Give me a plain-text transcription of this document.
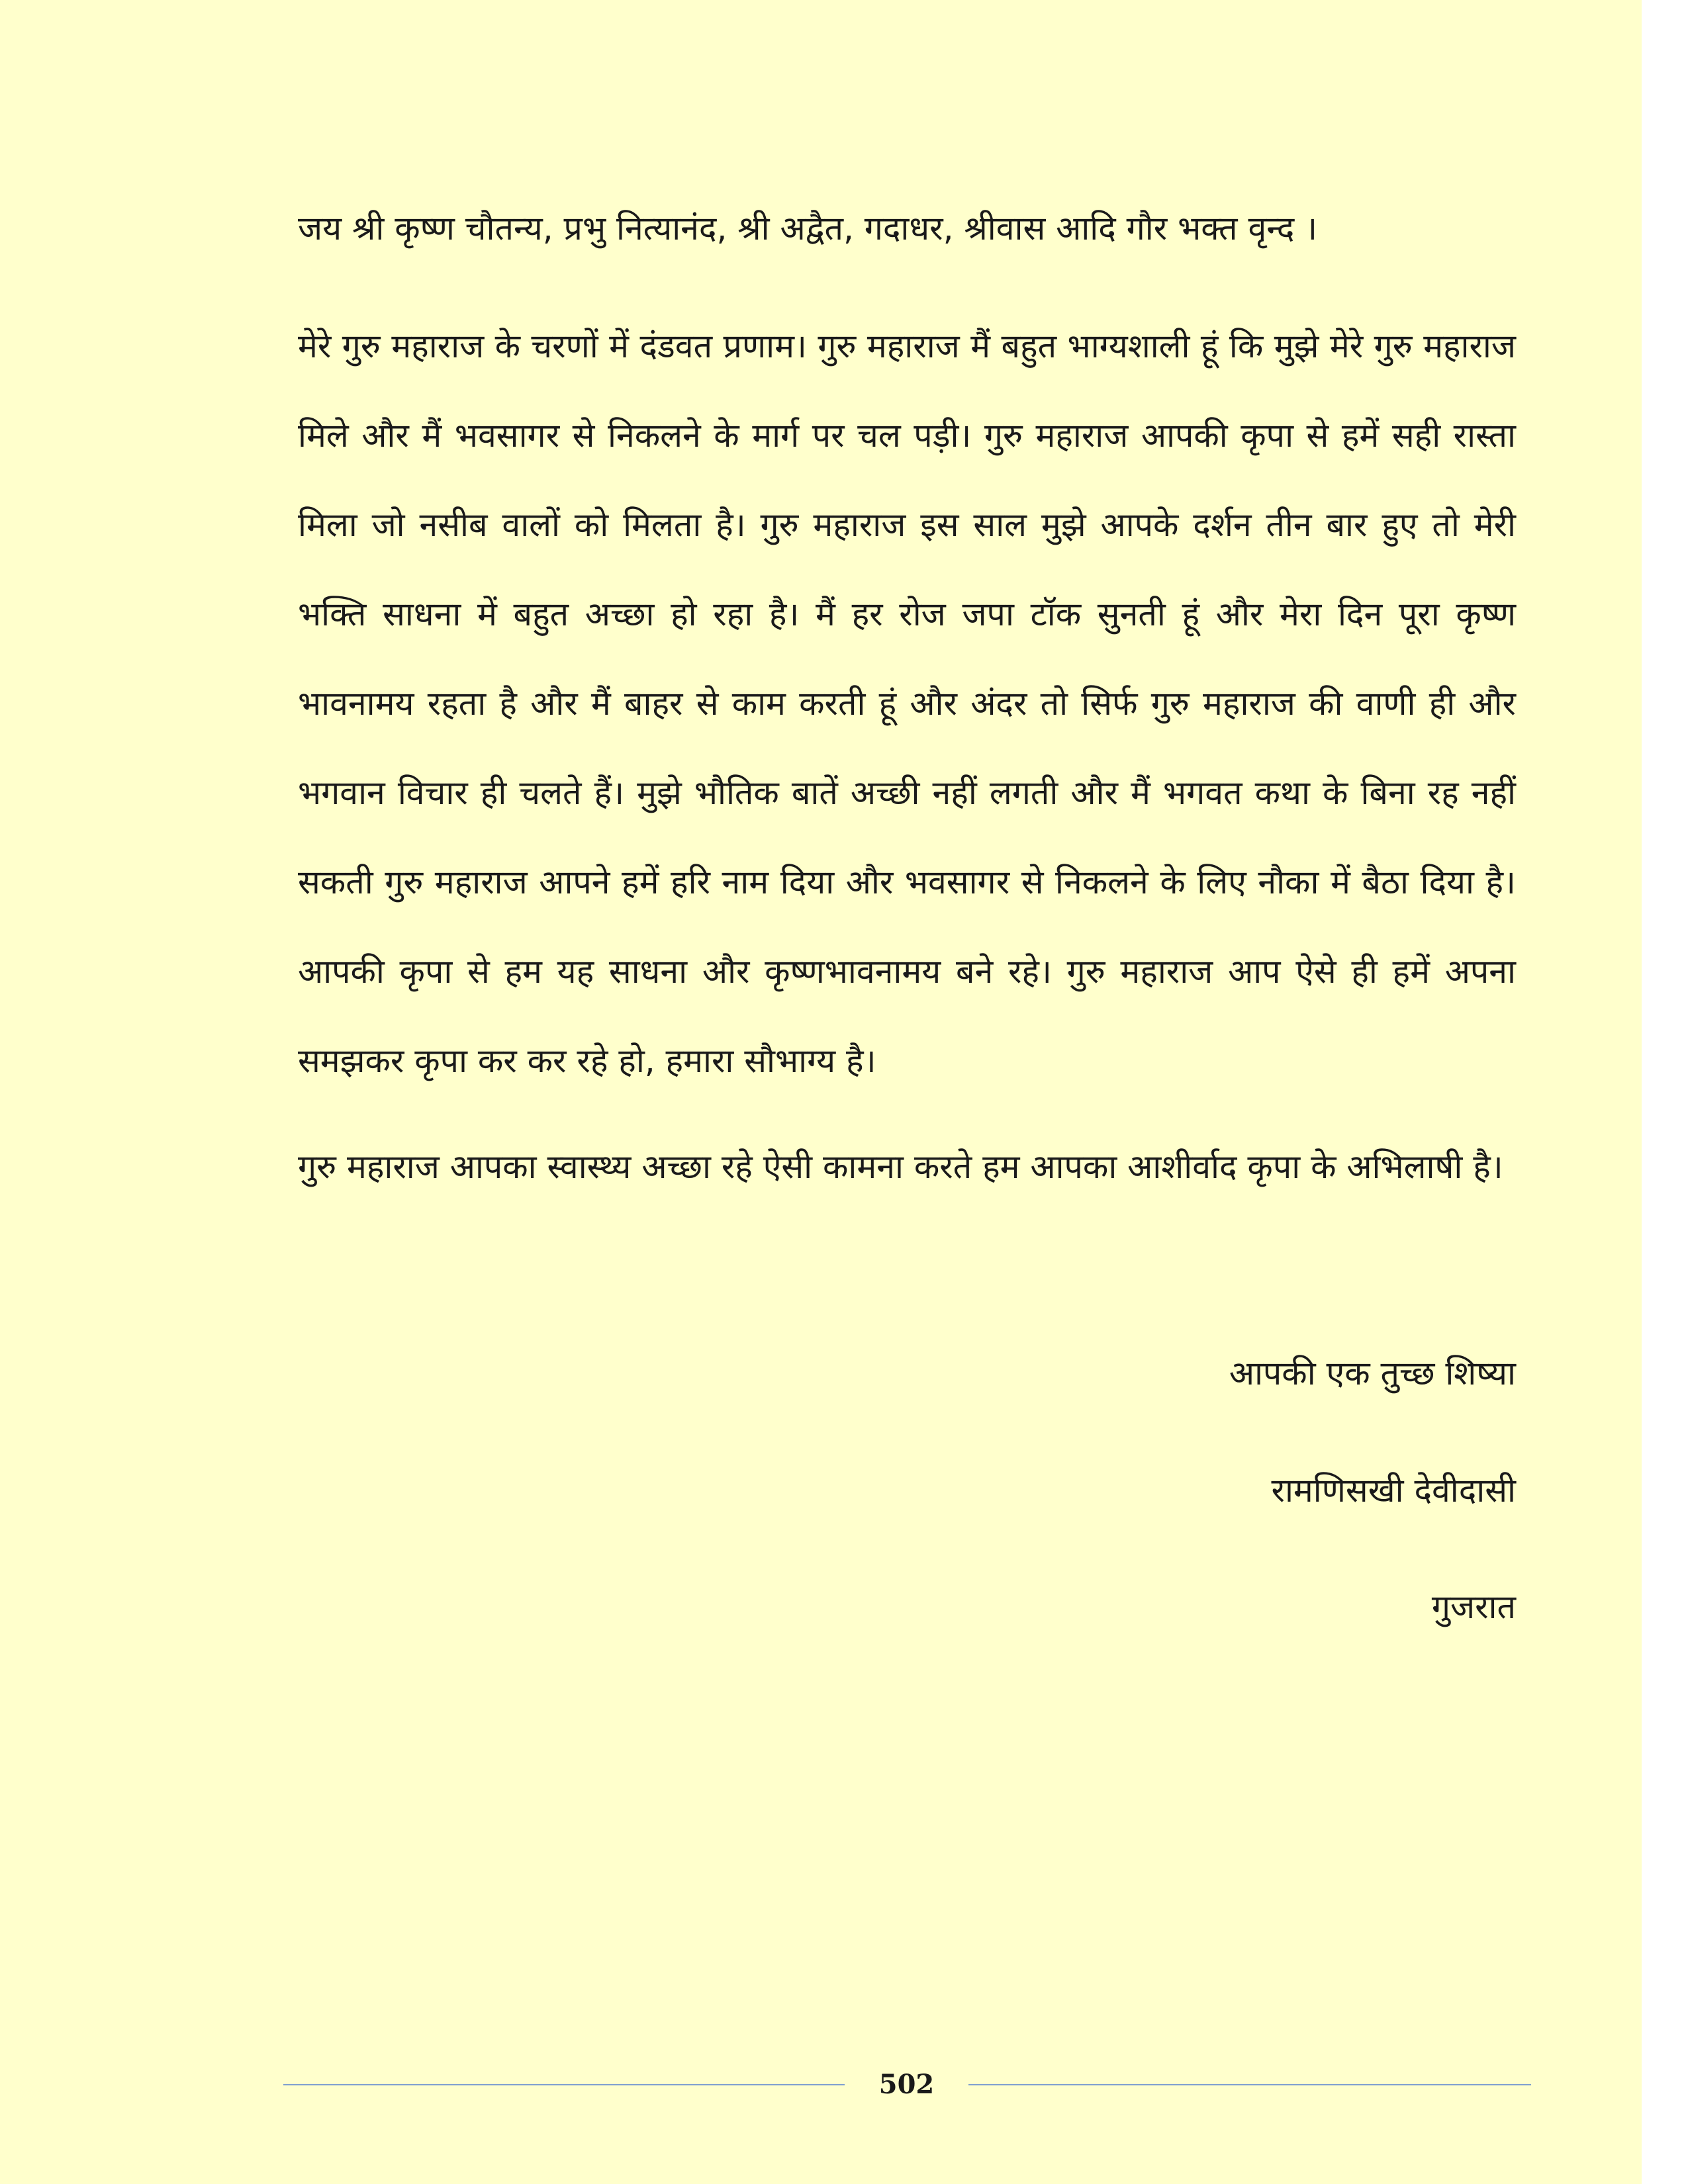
जय श्री कृष्ण चौतन्य, प्रभु नित्यानंद, श्री अद्वैत, गदाधर, श्रीवास आदि गौर भक्त वृन्द ।
मेरे गुरु महाराज के चरणों में दंडवत प्रणाम। गुरु महाराज मैं बहुत भाग्यशाली हूं कि मुझे मेरे गुरु महाराज मिले और मैं भवसागर से निकलने के मार्ग पर चल पड़ी। गुरु महाराज आपकी कृपा से हमें सही रास्ता मिला जो नसीब वालों को मिलता है। गुरु महाराज इस साल मुझे आपके दर्शन तीन बार हुए तो मेरी भक्ति साधना में बहुत अच्छा हो रहा है। मैं हर रोज जपा टॉक सुनती हूं और मेरा दिन पूरा कृष्ण भावनामय रहता है और मैं बाहर से काम करती हूं और अंदर तो सिर्फ गुरु महाराज की वाणी ही और भगवान विचार ही चलते हैं। मुझे भौतिक बातें अच्छी नहीं लगती और मैं भगवत कथा के बिना रह नहीं सकती गुरु महाराज आपने हमें हरि नाम दिया और भवसागर से निकलने के लिए नौका में बैठा दिया है। आपकी कृपा से हम यह साधना और कृष्णभावनामय बने रहे। गुरु महाराज आप ऐसे ही हमें अपना समझकर कृपा कर कर रहे हो, हमारा सौभाग्य है।
गुरु महाराज आपका स्वास्थ्य अच्छा रहे ऐसी कामना करते हम आपका आशीर्वाद कृपा के अभिलाषी है।
आपकी एक तुच्छ शिष्या
रामणिसखी देवीदासी
गुजरात
502
